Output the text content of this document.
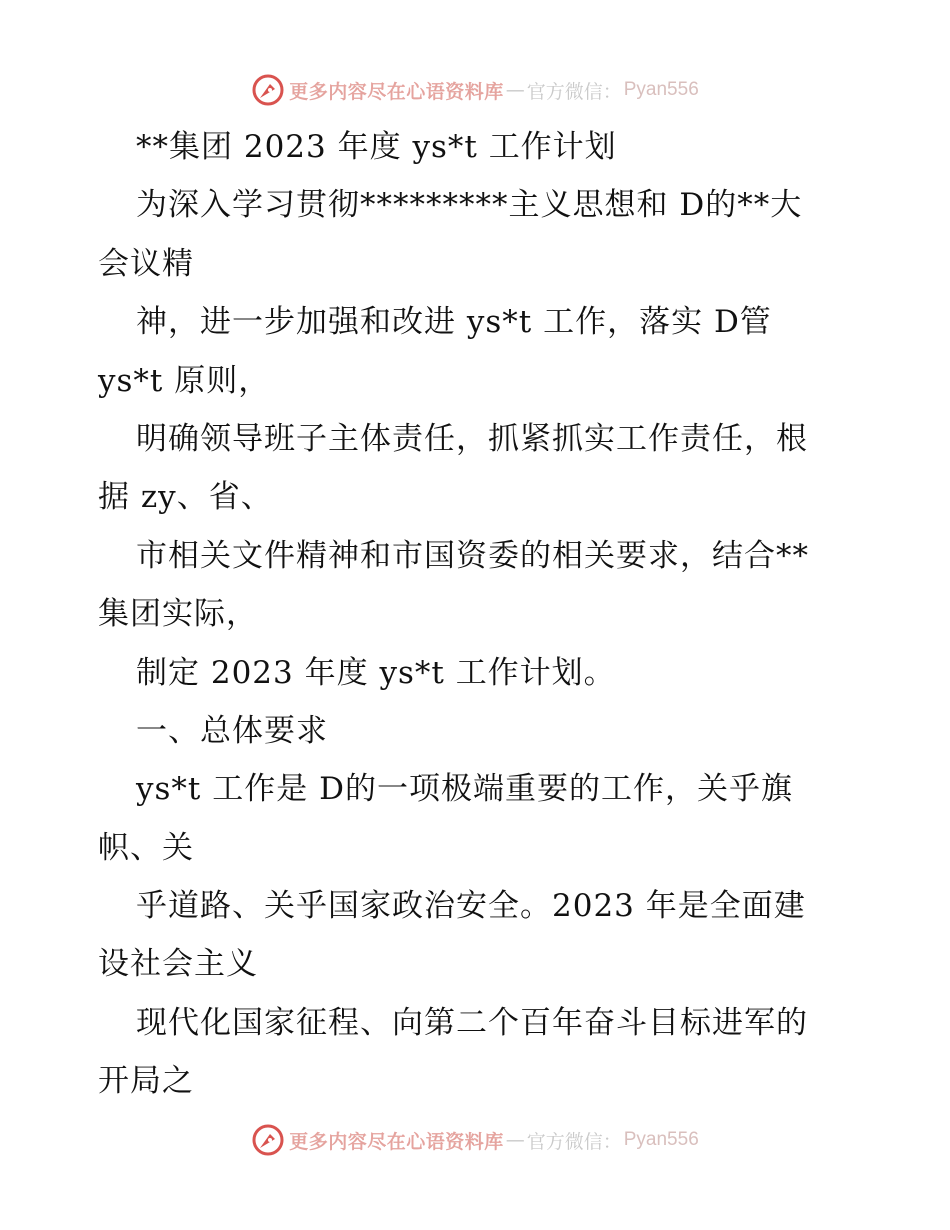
更多内容尽在心语资料库 — 官方微信： Pyan556
**集团 2023 年度 ys*t 工作计划
为深入学习贯彻*********主义思想和 D的**大
会议精
神，进一步加强和改进 ys*t 工作，落实 D管
ys*t 原则，
明确领导班子主体责任，抓紧抓实工作责任，根
据 zy、省、
市相关文件精神和市国资委的相关要求，结合**
集团实际，
制定 2023 年度 ys*t 工作计划。
一、总体要求
ys*t 工作是 D的一项极端重要的工作，关乎旗
帜、关
乎道路、关乎国家政治安全。2023 年是全面建
设社会主义
现代化国家征程、向第二个百年奋斗目标进军的
开局之
更多内容尽在心语资料库 — 官方微信： Pyan556
